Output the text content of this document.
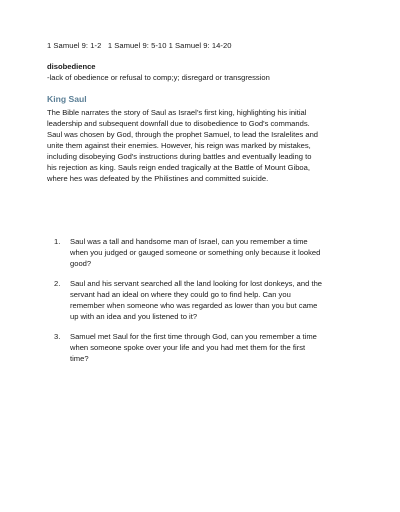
1 Samuel 9: 1-2   1 Samuel 9: 5-10 1 Samuel 9: 14-20
disobedience
-lack of obedience or refusal to comp;y; disregard or transgression
King Saul
The Bible narrates the story of Saul as Israel’s first king, highlighting his initial
leadership and subsequent downfall due to disobedience to God's commands.
Saul was chosen by God, through the prophet Samuel, to lead the Isralelites and
unite them against their enemies. However, his reign was marked by mistakes,
including disobeying God's instructions during battles and eventually leading to
his rejection as king. Sauls reign ended tragically at the Battle of Mount Giboa,
where hes was defeated by the Philistines and committed suicide.
1. Saul was a tall and handsome man of Israel, can you remember a time
when you judged or gauged someone or something only because it looked
good?
2. Saul and his servant searched all the land looking for lost donkeys, and the
servant had an ideal on where they could go to find help. Can you
remember when someone who was regarded as lower than you but came
up with an idea and you listened to it?
3. Samuel met Saul for the first time through God, can you remember a time
when someone spoke over your life and you had met them for the first
time?
